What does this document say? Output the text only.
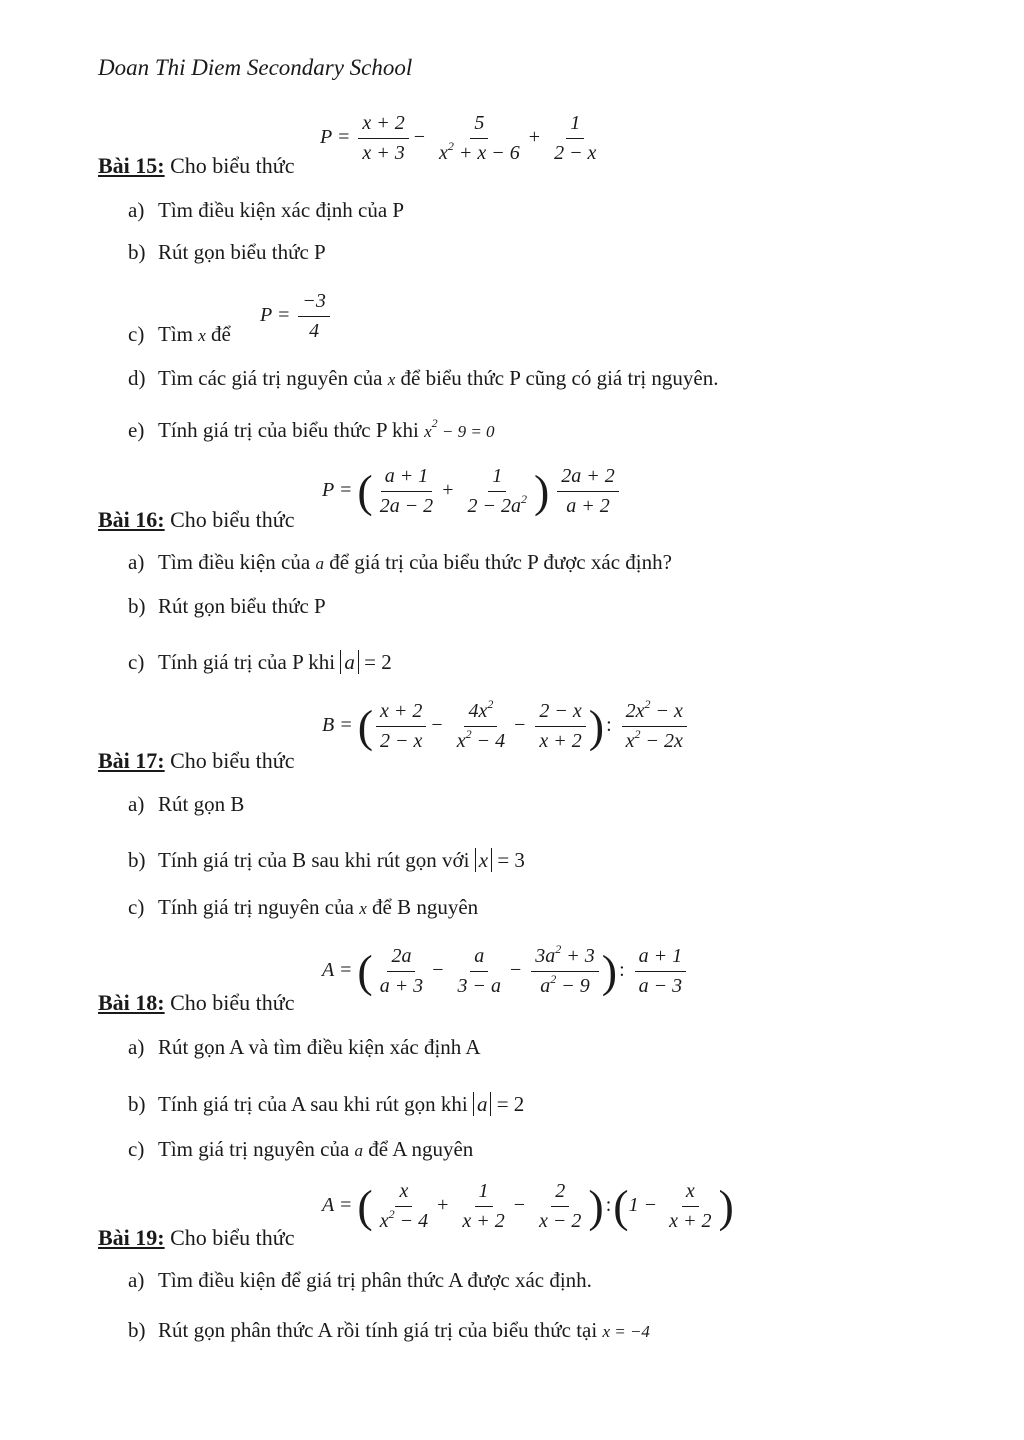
Doan Thi Diem Secondary School
Bài 15: Cho biểu thức
$P = \frac{x + 2}{x + 3} - \frac{5}{x^2 + x - 6} + \frac{1}{2 - x}$
a) Tìm điều kiện xác định của P
b) Rút gọn biểu thức P
c) Tìm x để
$P = \frac{-3}{4}$
d) Tìm các giá trị nguyên của x để biểu thức P cũng có giá trị nguyên.
e) Tính giá trị của biểu thức P khi $x^2 - 9 = 0$
Bài 16: Cho biểu thức
P = ( $\frac{a + 1}{2a - 2} + \frac{1}{2 - 2a^2}$ ) $\frac{2a + 2}{a + 2}$
a) Tìm điều kiện của a để giá trị của biểu thức P được xác định?
b) Rút gọn biểu thức P
c) Tính giá trị của P khi a = 2
Bài 17: Cho biểu thức
B = ( $\frac{x + 2}{2 - x} - \frac{4x^2}{x^2 - 4} - \frac{2 - x}{x + 2}$ ) : $\frac{2x^2 - x}{x^2 - 2x}$
a) Rút gọn B
b) Tính giá trị của B sau khi rút gọn với x = 3
c) Tính giá trị nguyên của x để B nguyên
Bài 18: Cho biểu thức
A = ( $\frac{2a}{a + 3} - \frac{a}{3 - a} - \frac{3a^2 + 3}{a^2 - 9}$ ) : $\frac{a + 1}{a - 3}$
a) Rút gọn A và tìm điều kiện xác định A
b) Tính giá trị của A sau khi rút gọn khi a = 2
c) Tìm giá trị nguyên của a để A nguyên
Bài 19: Cho biểu thức
A = ( $\frac{x}{x^2 - 4} + \frac{1}{x + 2} - \frac{2}{x - 2}$ ) :(1 − $\frac{x}{x + 2}$ )
a) Tìm điều kiện để giá trị phân thức A được xác định.
b) Rút gọn phân thức A rồi tính giá trị của biểu thức tại x = −4
